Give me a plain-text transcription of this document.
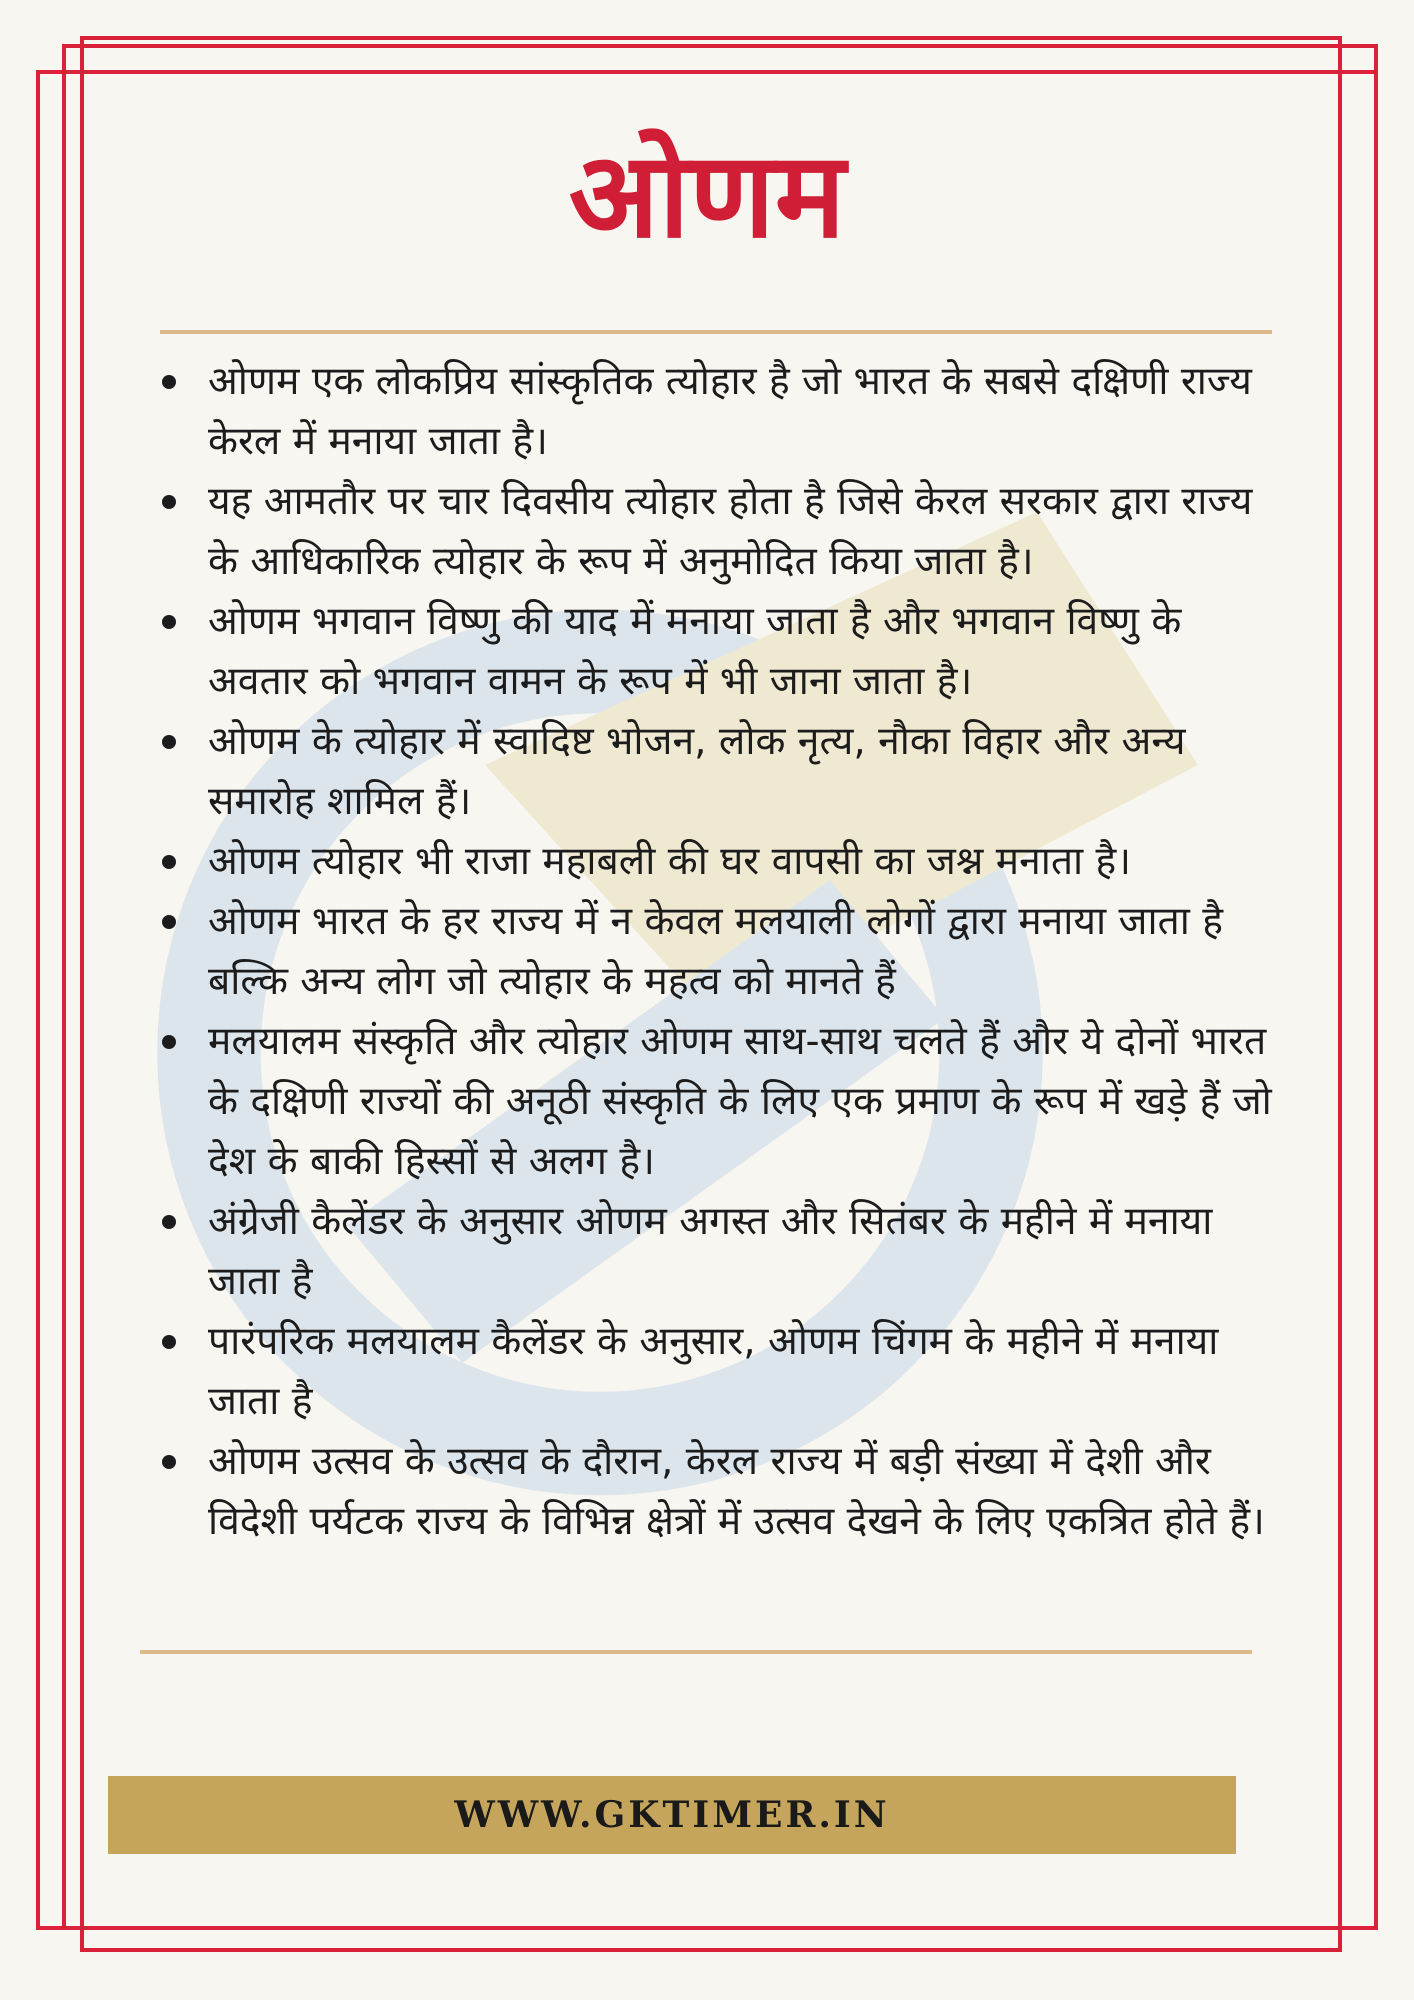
ओणम
ओणम एक लोकप्रिय सांस्कृतिक त्योहार है जो भारत के सबसे दक्षिणी राज्य केरल में मनाया जाता है।
यह आमतौर पर चार दिवसीय त्योहार होता है जिसे केरल सरकार द्वारा राज्य के आधिकारिक त्योहार के रूप में अनुमोदित किया जाता है।
ओणम भगवान विष्णु की याद में मनाया जाता है और भगवान विष्णु के अवतार को भगवान वामन के रूप में भी जाना जाता है।
ओणम के त्योहार में स्वादिष्ट भोजन, लोक नृत्य, नौका विहार और अन्य समारोह शामिल हैं।
ओणम त्योहार भी राजा महाबली की घर वापसी का जश्न मनाता है।
ओणम भारत के हर राज्य में न केवल मलयाली लोगों द्वारा मनाया जाता है बल्कि अन्य लोग जो त्योहार के महत्व को मानते हैं
मलयालम संस्कृति और त्योहार ओणम साथ-साथ चलते हैं और ये दोनों भारत के दक्षिणी राज्यों की अनूठी संस्कृति के लिए एक प्रमाण के रूप में खड़े हैं जो देश के बाकी हिस्सों से अलग है।
अंग्रेजी कैलेंडर के अनुसार ओणम अगस्त और सितंबर के महीने में मनाया जाता है
पारंपरिक मलयालम कैलेंडर के अनुसार, ओणम चिंगम के महीने में मनाया जाता है
ओणम उत्सव के उत्सव के दौरान, केरल राज्य में बड़ी संख्या में देशी और विदेशी पर्यटक राज्य के विभिन्न क्षेत्रों में उत्सव देखने के लिए एकत्रित होते हैं।
WWW.GKTIMER.IN
